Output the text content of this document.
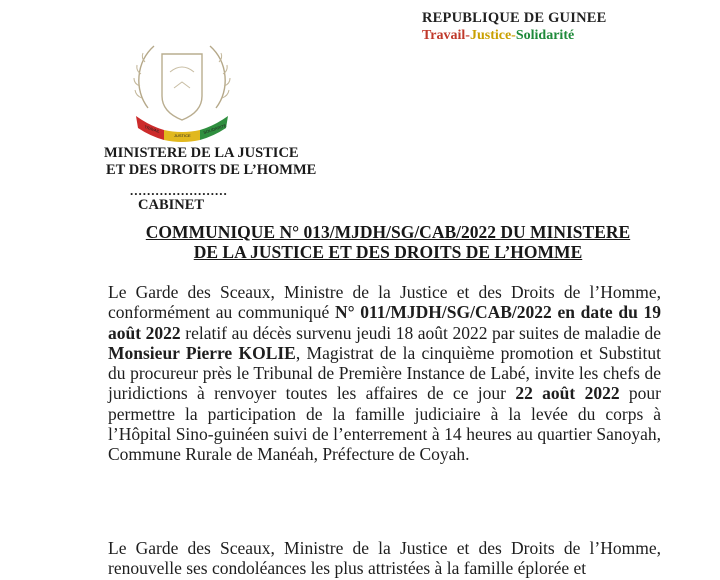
REPUBLIQUE DE GUINEE
Travail-Justice-Solidarité
TRAVAIL
JUSTICE
SOLIDARITE
MINISTERE DE LA JUSTICE
ET DES DROITS DE L’HOMME
.......................
CABINET
COMMUNIQUE N° 013/MJDH/SG/CAB/2022 DU MINISTERE
DE LA JUSTICE ET DES DROITS DE L’HOMME
Le Garde des Sceaux, Ministre de la Justice et des Droits de l’Homme, conformément au communiqué N° 011/MJDH/SG/CAB/2022 en date du 19 août 2022 relatif au décès survenu jeudi 18 août 2022 par suites de maladie de Monsieur Pierre KOLIE, Magistrat de la cinquième promotion et Substitut du procureur près le Tribunal de Première Instance de Labé, invite les chefs de juridictions à renvoyer toutes les affaires de ce jour 22 août 2022 pour permettre la participation de la famille judiciaire à la levée du corps à l’Hôpital Sino-guinéen suivi de l’enterrement à 14 heures au quartier Sanoyah, Commune Rurale de Manéah, Préfecture de Coyah.
Le Garde des Sceaux, Ministre de la Justice et des Droits de l’Homme, renouvelle ses condoléances les plus attristées à la famille éplorée et
